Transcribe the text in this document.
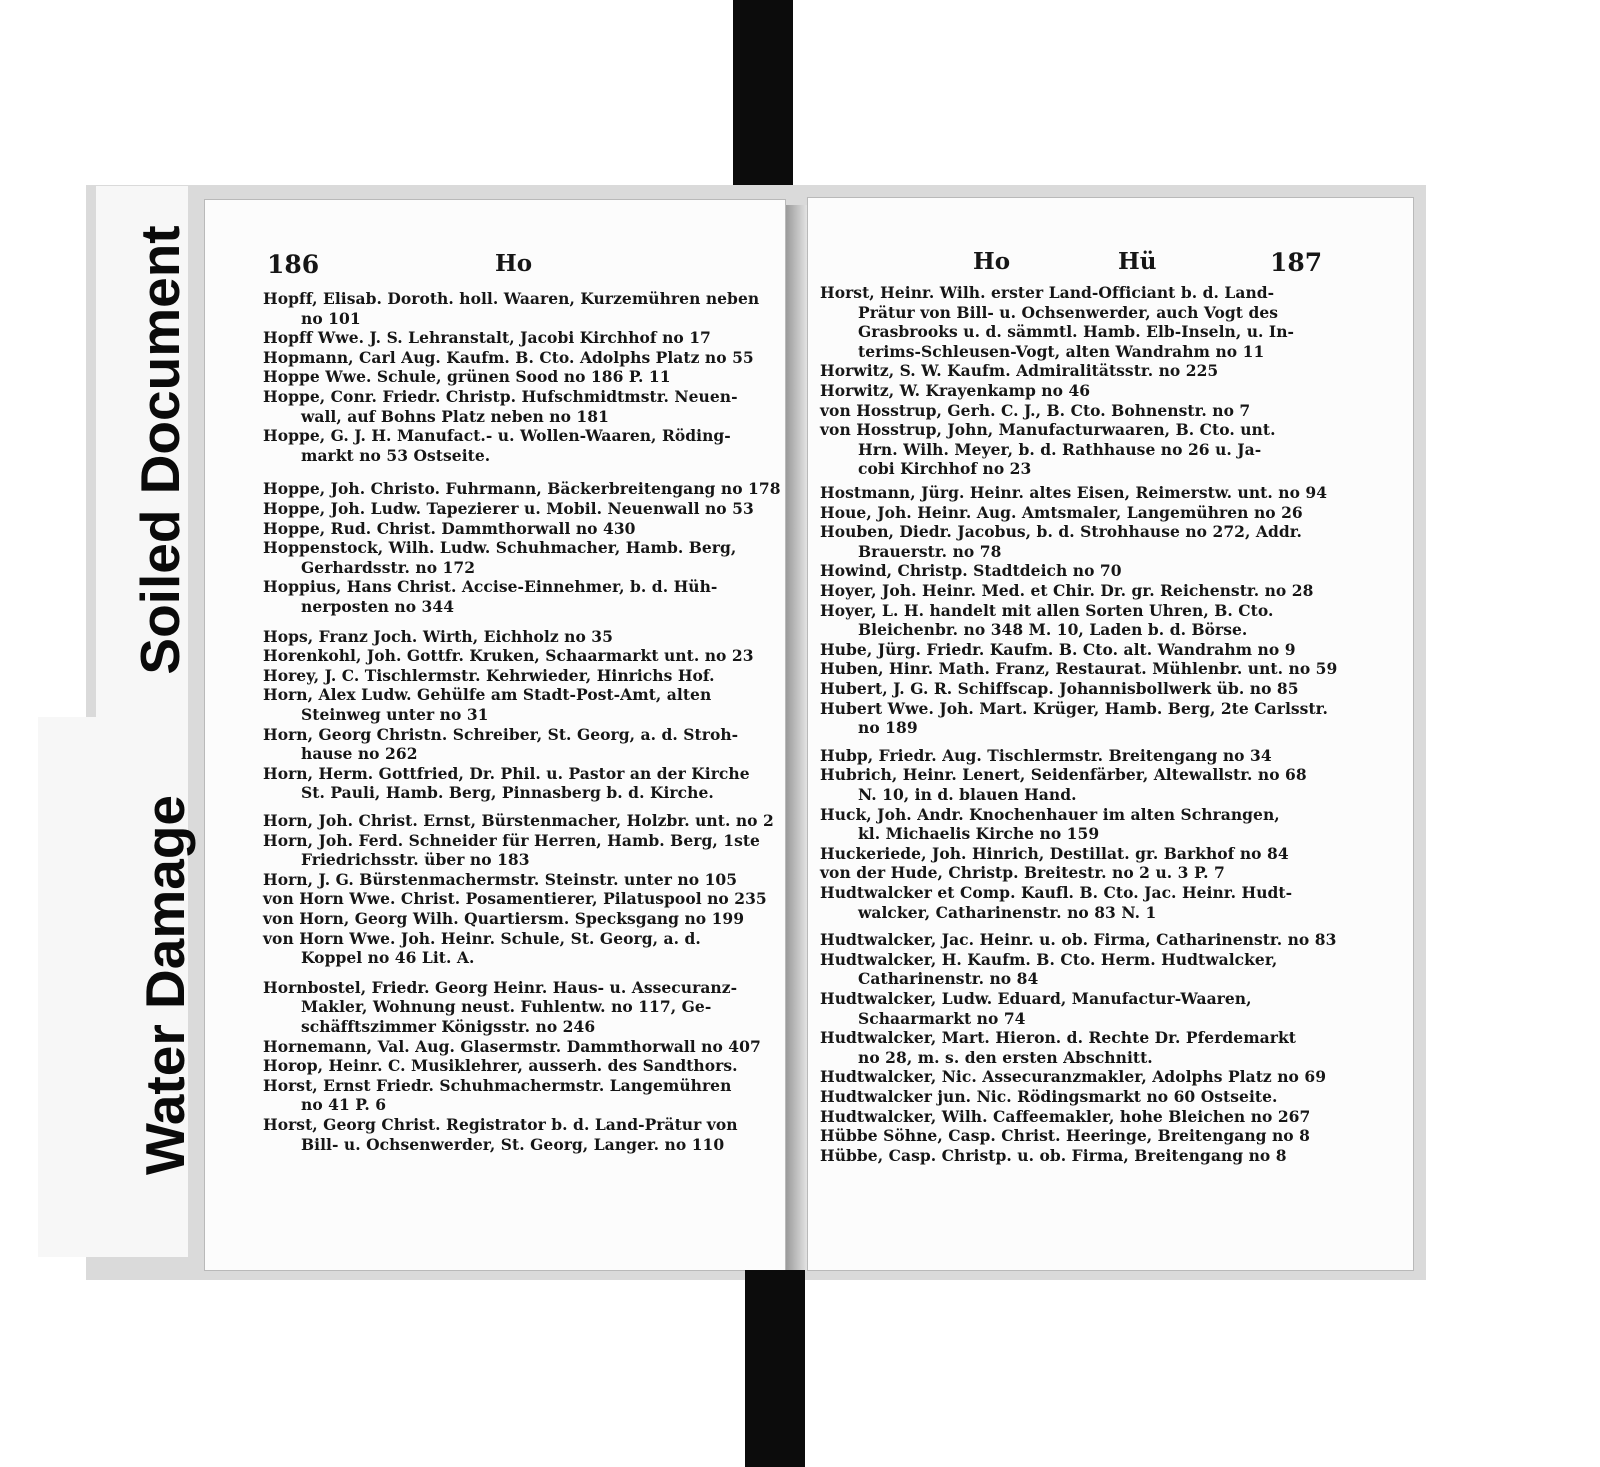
Soiled Document
Water Damage
186	Ho
Hopff, Elisab. Doroth. holl. Waaren, Kurzemühren neben
no 101
Hopff Wwe. J. S. Lehranstalt, Jacobi Kirchhof no 17
Hopmann, Carl Aug. Kaufm. B. Cto. Adolphs Platz no 55
Hoppe Wwe. Schule, grünen Sood no 186 P. 11
Hoppe, Conr. Friedr. Christp. Hufschmidtmstr. Neuen-
wall, auf Bohns Platz neben no 181
Hoppe, G. J. H. Manufact.- u. Wollen-Waaren, Röding-
markt no 53 Ostseite.
Hoppe, Joh. Christo. Fuhrmann, Bäckerbreitengang no 178
Hoppe, Joh. Ludw. Tapezierer u. Mobil. Neuenwall no 53
Hoppe, Rud. Christ. Dammthorwall no 430
Hoppenstock, Wilh. Ludw. Schuhmacher, Hamb. Berg,
Gerhardsstr. no 172
Hoppius, Hans Christ. Accise-Einnehmer, b. d. Hüh-
nerposten no 344
Hops, Franz Joch. Wirth, Eichholz no 35
Horenkohl, Joh. Gottfr. Kruken, Schaarmarkt unt. no 23
Horey, J. C. Tischlermstr. Kehrwieder, Hinrichs Hof.
Horn, Alex Ludw. Gehülfe am Stadt-Post-Amt, alten
Steinweg unter no 31
Horn, Georg Christn. Schreiber, St. Georg, a. d. Stroh-
hause no 262
Horn, Herm. Gottfried, Dr. Phil. u. Pastor an der Kirche
St. Pauli, Hamb. Berg, Pinnasberg b. d. Kirche.
Horn, Joh. Christ. Ernst, Bürstenmacher, Holzbr. unt. no 2
Horn, Joh. Ferd. Schneider für Herren, Hamb. Berg, 1ste
Friedrichsstr. über no 183
Horn, J. G. Bürstenmachermstr. Steinstr. unter no 105
von Horn Wwe. Christ. Posamentierer, Pilatuspool no 235
von Horn, Georg Wilh. Quartiersm. Specksgang no 199
von Horn Wwe. Joh. Heinr. Schule, St. Georg, a. d.
Koppel no 46 Lit. A.
Hornbostel, Friedr. Georg Heinr. Haus- u. Assecuranz-
Makler, Wohnung neust. Fuhlentw. no 117, Ge-
schäfftszimmer Königsstr. no 246
Hornemann, Val. Aug. Glasermstr. Dammthorwall no 407
Horop, Heinr. C. Musiklehrer, ausserh. des Sandthors.
Horst, Ernst Friedr. Schuhmachermstr. Langemühren
no 41 P. 6
Horst, Georg Christ. Registrator b. d. Land-Prätur von
Bill- u. Ochsenwerder, St. Georg, Langer. no 110
Ho	Hü	187
Horst, Heinr. Wilh. erster Land-Officiant b. d. Land-
Prätur von Bill- u. Ochsenwerder, auch Vogt des
Grasbrooks u. d. sämmtl. Hamb. Elb-Inseln, u. In-
terims-Schleusen-Vogt, alten Wandrahm no 11
Horwitz, S. W. Kaufm. Admiralitätsstr. no 225
Horwitz, W. Krayenkamp no 46
von Hosstrup, Gerh. C. J., B. Cto. Bohnenstr. no 7
von Hosstrup, John, Manufacturwaaren, B. Cto. unt.
Hrn. Wilh. Meyer, b. d. Rathhause no 26 u. Ja-
cobi Kirchhof no 23
Hostmann, Jürg. Heinr. altes Eisen, Reimerstw. unt. no 94
Houe, Joh. Heinr. Aug. Amtsmaler, Langemühren no 26
Houben, Diedr. Jacobus, b. d. Strohhause no 272, Addr.
Brauerstr. no 78
Howind, Christp. Stadtdeich no 70
Hoyer, Joh. Heinr. Med. et Chir. Dr. gr. Reichenstr. no 28
Hoyer, L. H. handelt mit allen Sorten Uhren, B. Cto.
Bleichenbr. no 348 M. 10, Laden b. d. Börse.
Hube, Jürg. Friedr. Kaufm. B. Cto. alt. Wandrahm no 9
Huben, Hinr. Math. Franz, Restaurat. Mühlenbr. unt. no 59
Hubert, J. G. R. Schiffscap. Johannisbollwerk üb. no 85
Hubert Wwe. Joh. Mart. Krüger, Hamb. Berg, 2te Carlsstr.
no 189
Hubp, Friedr. Aug. Tischlermstr. Breitengang no 34
Hubrich, Heinr. Lenert, Seidenfärber, Altewallstr. no 68
N. 10, in d. blauen Hand.
Huck, Joh. Andr. Knochenhauer im alten Schrangen,
kl. Michaelis Kirche no 159
Huckeriede, Joh. Hinrich, Destillat. gr. Barkhof no 84
von der Hude, Christp. Breitestr. no 2 u. 3 P. 7
Hudtwalcker et Comp. Kaufl. B. Cto. Jac. Heinr. Hudt-
walcker, Catharinenstr. no 83 N. 1
Hudtwalcker, Jac. Heinr. u. ob. Firma, Catharinenstr. no 83
Hudtwalcker, H. Kaufm. B. Cto. Herm. Hudtwalcker,
Catharinenstr. no 84
Hudtwalcker, Ludw. Eduard, Manufactur-Waaren,
Schaarmarkt no 74
Hudtwalcker, Mart. Hieron. d. Rechte Dr. Pferdemarkt
no 28, m. s. den ersten Abschnitt.
Hudtwalcker, Nic. Assecuranzmakler, Adolphs Platz no 69
Hudtwalcker jun. Nic. Rödingsmarkt no 60 Ostseite.
Hudtwalcker, Wilh. Caffeemakler, hohe Bleichen no 267
Hübbe Söhne, Casp. Christ. Heeringe, Breitengang no 8
Hübbe, Casp. Christp. u. ob. Firma, Breitengang no 8
